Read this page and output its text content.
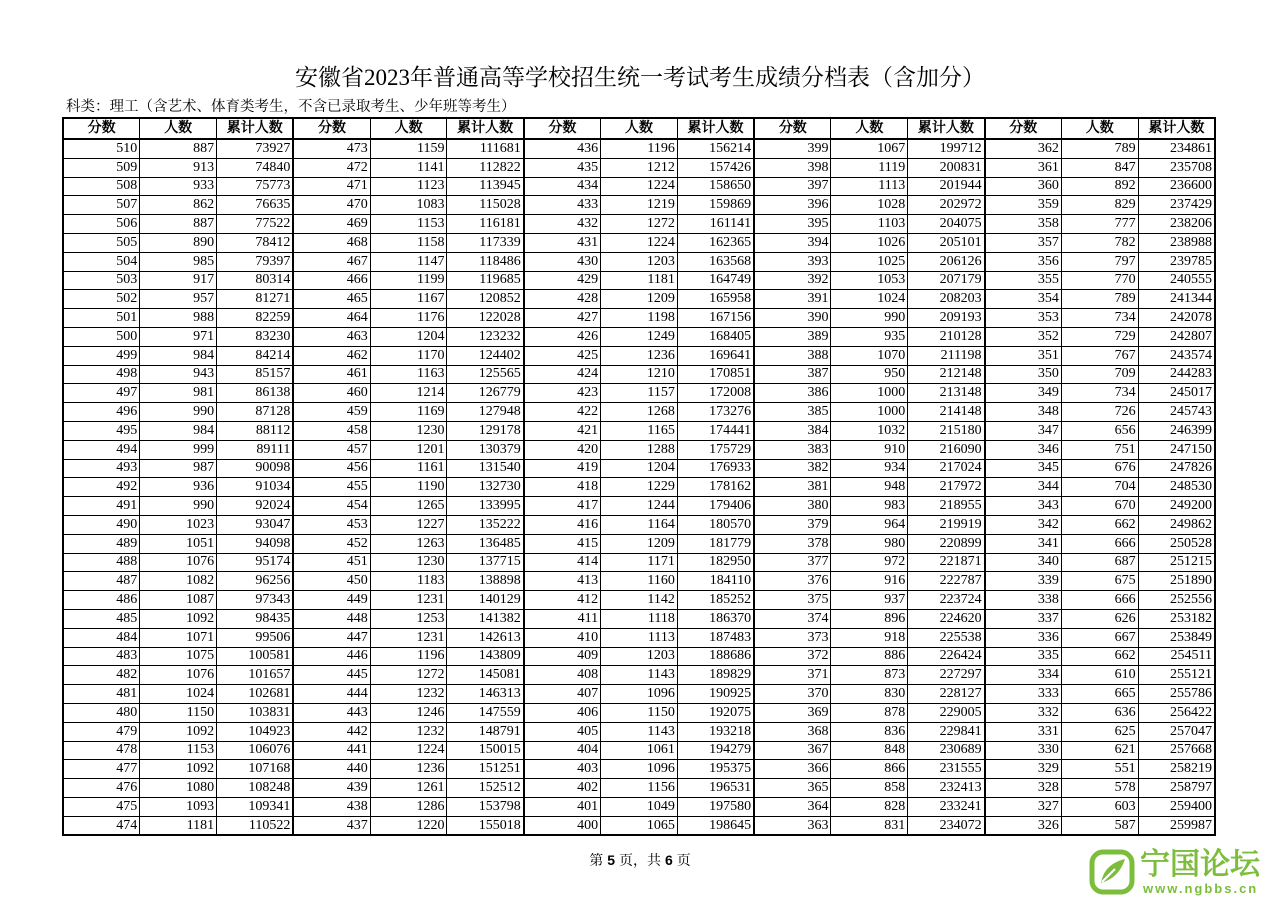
安徽省2023年普通高等学校招生统一考试考生成绩分档表（含加分）
科类：理工（含艺术、体育类考生，不含已录取考生、少年班等考生）
分数	人数	累计人数	分数	人数	累计人数	分数	人数	累计人数	分数	人数	累计人数	分数	人数	累计人数
510	887	73927	473	1159	111681	436	1196	156214	399	1067	199712	362	789	234861
509	913	74840	472	1141	112822	435	1212	157426	398	1119	200831	361	847	235708
508	933	75773	471	1123	113945	434	1224	158650	397	1113	201944	360	892	236600
507	862	76635	470	1083	115028	433	1219	159869	396	1028	202972	359	829	237429
506	887	77522	469	1153	116181	432	1272	161141	395	1103	204075	358	777	238206
505	890	78412	468	1158	117339	431	1224	162365	394	1026	205101	357	782	238988
504	985	79397	467	1147	118486	430	1203	163568	393	1025	206126	356	797	239785
503	917	80314	466	1199	119685	429	1181	164749	392	1053	207179	355	770	240555
502	957	81271	465	1167	120852	428	1209	165958	391	1024	208203	354	789	241344
501	988	82259	464	1176	122028	427	1198	167156	390	990	209193	353	734	242078
500	971	83230	463	1204	123232	426	1249	168405	389	935	210128	352	729	242807
499	984	84214	462	1170	124402	425	1236	169641	388	1070	211198	351	767	243574
498	943	85157	461	1163	125565	424	1210	170851	387	950	212148	350	709	244283
497	981	86138	460	1214	126779	423	1157	172008	386	1000	213148	349	734	245017
496	990	87128	459	1169	127948	422	1268	173276	385	1000	214148	348	726	245743
495	984	88112	458	1230	129178	421	1165	174441	384	1032	215180	347	656	246399
494	999	89111	457	1201	130379	420	1288	175729	383	910	216090	346	751	247150
493	987	90098	456	1161	131540	419	1204	176933	382	934	217024	345	676	247826
492	936	91034	455	1190	132730	418	1229	178162	381	948	217972	344	704	248530
491	990	92024	454	1265	133995	417	1244	179406	380	983	218955	343	670	249200
490	1023	93047	453	1227	135222	416	1164	180570	379	964	219919	342	662	249862
489	1051	94098	452	1263	136485	415	1209	181779	378	980	220899	341	666	250528
488	1076	95174	451	1230	137715	414	1171	182950	377	972	221871	340	687	251215
487	1082	96256	450	1183	138898	413	1160	184110	376	916	222787	339	675	251890
486	1087	97343	449	1231	140129	412	1142	185252	375	937	223724	338	666	252556
485	1092	98435	448	1253	141382	411	1118	186370	374	896	224620	337	626	253182
484	1071	99506	447	1231	142613	410	1113	187483	373	918	225538	336	667	253849
483	1075	100581	446	1196	143809	409	1203	188686	372	886	226424	335	662	254511
482	1076	101657	445	1272	145081	408	1143	189829	371	873	227297	334	610	255121
481	1024	102681	444	1232	146313	407	1096	190925	370	830	228127	333	665	255786
480	1150	103831	443	1246	147559	406	1150	192075	369	878	229005	332	636	256422
479	1092	104923	442	1232	148791	405	1143	193218	368	836	229841	331	625	257047
478	1153	106076	441	1224	150015	404	1061	194279	367	848	230689	330	621	257668
477	1092	107168	440	1236	151251	403	1096	195375	366	866	231555	329	551	258219
476	1080	108248	439	1261	152512	402	1156	196531	365	858	232413	328	578	258797
475	1093	109341	438	1286	153798	401	1049	197580	364	828	233241	327	603	259400
474	1181	110522	437	1220	155018	400	1065	198645	363	831	234072	326	587	259987
第 5 页，共 6 页	宁国论坛
www.ngbbs.cn
